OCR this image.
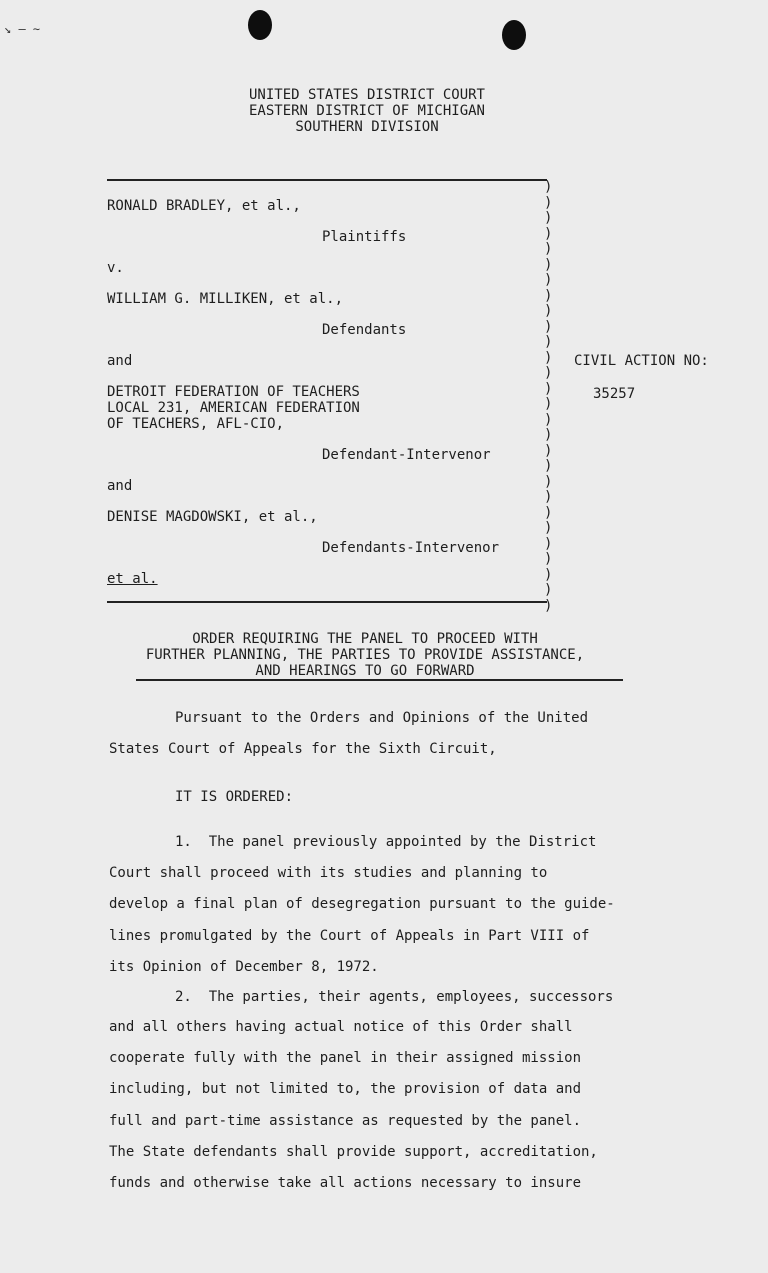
↘ — ∼
UNITED STATES DISTRICT COURT
EASTERN DISTRICT OF MICHIGAN
SOUTHERN DIVISION
)
)
)
)
)
)
)
)
)
)
)
)
)
)
)
)
)
)
)
)
)
)
)
)
)
)
)
)
RONALD BRADLEY, et al.,
Plaintiffs
v.
WILLIAM G. MILLIKEN, et al.,
Defendants
and
DETROIT FEDERATION OF TEACHERS
LOCAL 231, AMERICAN FEDERATION
OF TEACHERS, AFL-CIO,
Defendant-Intervenor
and
DENISE MAGDOWSKI, et al.,
Defendants-Intervenor
et al.
CIVIL ACTION NO:
35257
ORDER REQUIRING THE PANEL TO PROCEED WITH
FURTHER PLANNING, THE PARTIES TO PROVIDE ASSISTANCE,
AND HEARINGS TO GO FORWARD
Pursuant to the Orders and Opinions of the United
States Court of Appeals for the Sixth Circuit,
IT IS ORDERED:
1.  The panel previously appointed by the District
Court shall proceed with its studies and planning to
develop a final plan of desegregation pursuant to the guide-
lines promulgated by the Court of Appeals in Part VIII of
its Opinion of December 8, 1972.
2.  The parties, their agents, employees, successors
and all others having actual notice of this Order shall
cooperate fully with the panel in their assigned mission
including, but not limited to, the provision of data and
full and part-time assistance as requested by the panel.
The State defendants shall provide support, accreditation,
funds and otherwise take all actions necessary to insure
